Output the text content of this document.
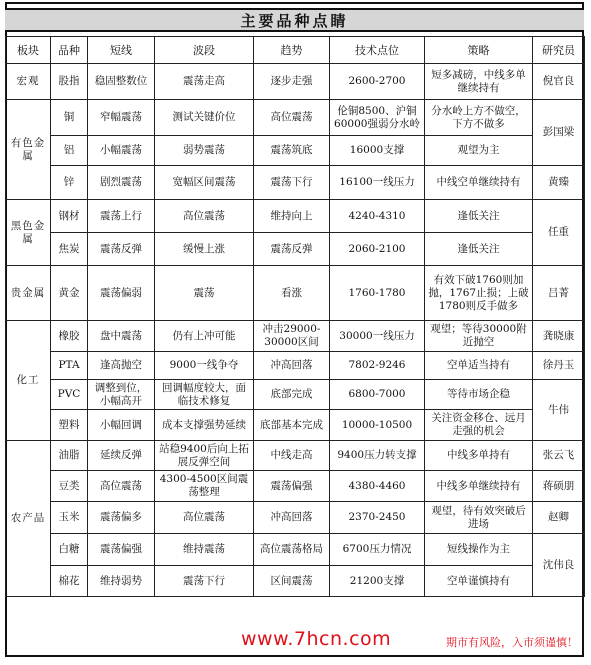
主要品种点睛
板块	品种	短线	波段	趋势	技术点位	策略	研究员
宏观	股指	稳固整数位	震荡走高	逐步走强	2600-2700	短多减磅，中线多单继续持有	倪官良
有色金属	铜	窄幅震荡	测试关键价位	高位震荡	伦铜8500、沪铜60000强弱分水岭	分水岭上方不做空，下方不做多	彭国梁
	铝	小幅震荡	弱势震荡	震荡筑底	16000支撑	观望为主	
	锌	剧烈震荡	宽幅区间震荡	震荡下行	16100一线压力	中线空单继续持有	黄臻
黑色金属	钢材	震荡上行	高位震荡	维持向上	4240-4310	逢低关注	任重
	焦炭	震荡反弹	缓慢上涨	震荡反弹	2060-2100	逢低关注	
贵金属	黄金	震荡偏弱	震荡	看涨	1760-1780	有效下破1760则加抛，1767止损；上破1780则反手做多	吕菁
化工	橡胶	盘中震荡	仍有上冲可能	冲击29000-30000区间	30000一线压力	观望；等待30000附近抛空	龚晓康
	PTA	逢高抛空	9000一线争夺	冲高回落	7802-9246	空单适当持有	徐丹玉
	PVC	调整到位，小幅高开	回调幅度较大，面临技术修复	底部完成	6800-7000	等待市场企稳	牛伟
	塑料	小幅回调	成本支撑强势延续	底部基本完成	10000-10500	关注资金移仓、远月走强的机会	
农产品	油脂	延续反弹	站稳9400后向上拓展反弹空间	中线走高	9400压力转支撑	中线多单持有	张云飞
	豆类	高位震荡	4300-4500区间震荡整理	震荡偏强	4380-4460	中线多单继续持有	蒋硕朋
	玉米	震荡偏多	高位震荡	冲高回落	2370-2450	观望，待有效突破后进场	赵卿
	白糖	震荡偏强	维持震荡	高位震荡格局	6700压力情况	短线操作为主	沈伟良
	棉花	维持弱势	震荡下行	区间震荡	21200支撑	空单谨慎持有	
www.7hcn.com	期市有风险，入市须谨慎！
